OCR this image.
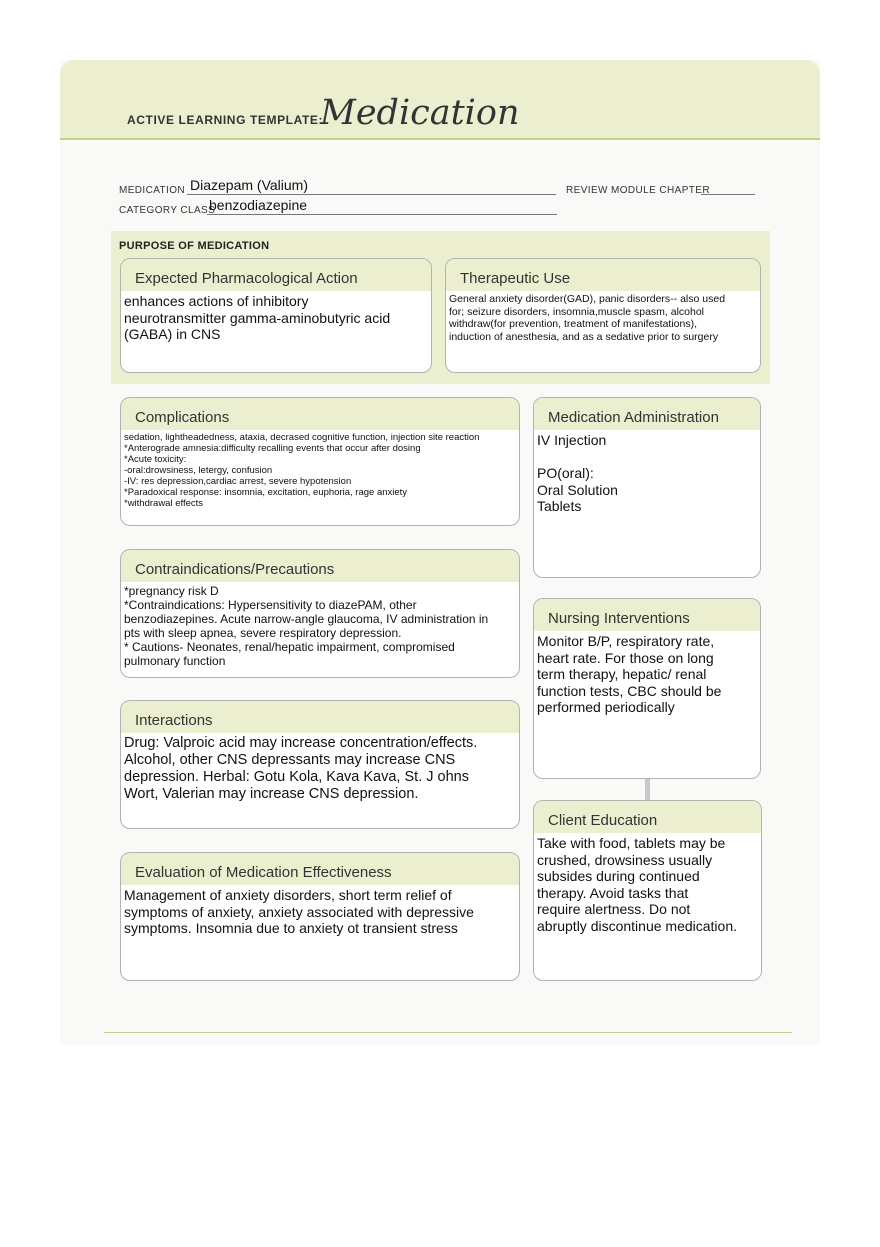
ACTIVE LEARNING TEMPLATE:
Medication
MEDICATION Diazepam (Valium)
CATEGORY CLASS
benzodiazepine
REVIEW MODULE CHAPTER
PURPOSE OF MEDICATION
Expected Pharmacological Action
enhances actions of inhibitory
neurotransmitter gamma-aminobutyric acid
(GABA) in CNS
Therapeutic Use
General anxiety disorder(GAD), panic disorders-- also used
for; seizure disorders, insomnia,muscle spasm, alcohol
withdraw(for prevention, treatment of manifestations),
induction of anesthesia, and as a sedative prior to surgery
Complications
sedation, lightheadedness, ataxia, decrased cognitive function, injection site reaction
*Anterograde amnesia:difficulty recalling events that occur after dosing
*Acute toxicity:
-oral:drowsiness, letergy, confusion
-IV: res depression,cardiac arrest, severe hypotension
*Paradoxical response: insomnia, excitation, euphoria, rage anxiety
*withdrawal effects
Contraindications/Precautions
*pregnancy risk D
*Contraindications: Hypersensitivity to diazePAM, other
benzodiazepines. Acute narrow-angle glaucoma, IV administration in
pts with sleep apnea, severe respiratory depression.
* Cautions- Neonates, renal/hepatic impairment, compromised
pulmonary function
Interactions
Drug: Valproic acid may increase concentration/effects.
Alcohol, other CNS depressants may increase CNS
depression. Herbal: Gotu Kola, Kava Kava, St. J ohns
Wort, Valerian may increase CNS depression.
Evaluation of Medication Effectiveness
Management of anxiety disorders, short term relief of
symptoms of anxiety, anxiety associated with depressive
symptoms. Insomnia due to anxiety ot transient stress
Medication Administration
IV Injection

PO(oral):
Oral Solution
Tablets
Nursing Interventions
Monitor B/P, respiratory rate,
heart rate. For those on long
term therapy, hepatic/ renal
function tests, CBC should be
performed periodically
Client Education
Take with food, tablets may be
crushed, drowsiness usually
subsides during continued
therapy. Avoid tasks that
require alertness. Do not
abruptly discontinue medication.
